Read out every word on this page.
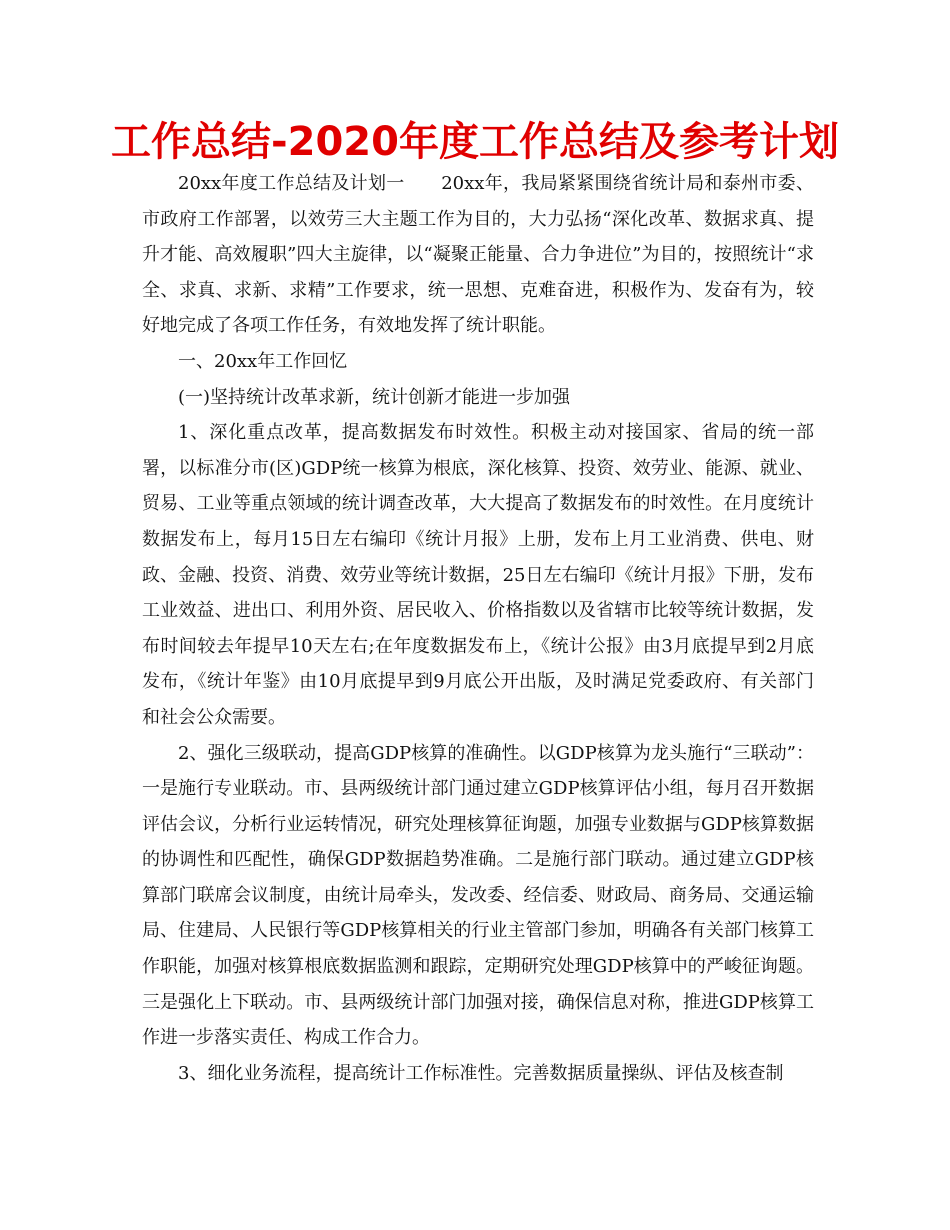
工作总结-2020年度工作总结及参考计划

20xx年度工作总结及计划一　　20xx年，我局紧紧围绕省统计局和泰州市委、市政府工作部署，以效劳三大主题工作为目的，大力弘扬“深化改革、数据求真、提升才能、高效履职”四大主旋律，以“凝聚正能量、合力争进位”为目的，按照统计“求全、求真、求新、求精”工作要求，统一思想、克难奋进，积极作为、发奋有为，较好地完成了各项工作任务，有效地发挥了统计职能。

一、20xx年工作回忆

(一)坚持统计改革求新，统计创新才能进一步加强

1、深化重点改革，提高数据发布时效性。积极主动对接国家、省局的统一部署，以标准分市(区)GDP统一核算为根底，深化核算、投资、效劳业、能源、就业、贸易、工业等重点领域的统计调查改革，大大提高了数据发布的时效性。在月度统计数据发布上，每月15日左右编印《统计月报》上册，发布上月工业消费、供电、财政、金融、投资、消费、效劳业等统计数据，25日左右编印《统计月报》下册，发布工业效益、进出口、利用外资、居民收入、价格指数以及省辖市比较等统计数据，发布时间较去年提早10天左右;在年度数据发布上，《统计公报》由3月底提早到2月底发布，《统计年鉴》由10月底提早到9月底公开出版，及时满足党委政府、有关部门和社会公众需要。

2、强化三级联动，提高GDP核算的准确性。以GDP核算为龙头施行“三联动”：一是施行专业联动。市、县两级统计部门通过建立GDP核算评估小组，每月召开数据评估会议，分析行业运转情况，研究处理核算征询题，加强专业数据与GDP核算数据的协调性和匹配性，确保GDP数据趋势准确。二是施行部门联动。通过建立GDP核算部门联席会议制度，由统计局牵头，发改委、经信委、财政局、商务局、交通运输局、住建局、人民银行等GDP核算相关的行业主管部门参加，明确各有关部门核算工作职能，加强对核算根底数据监测和跟踪，定期研究处理GDP核算中的严峻征询题。三是强化上下联动。市、县两级统计部门加强对接，确保信息对称，推进GDP核算工作进一步落实责任、构成工作合力。

3、细化业务流程，提高统计工作标准性。完善数据质量操纵、评估及核查制
